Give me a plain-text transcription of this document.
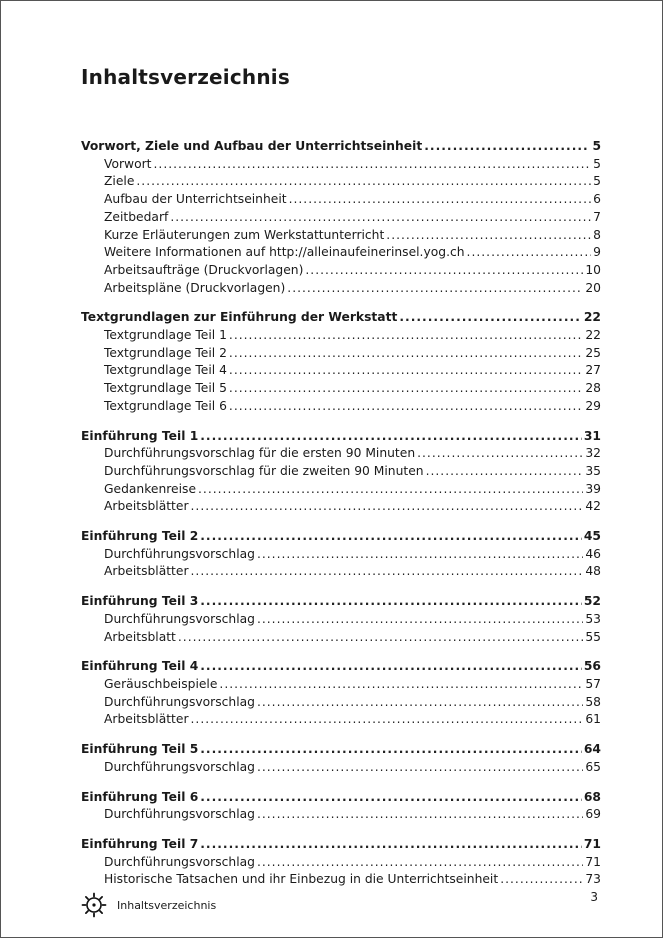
Inhaltsverzeichnis
Vorwort, Ziele und Aufbau der Unterrichtseinheit .....	5
Vorwort .....	5
Ziele .....	5
Aufbau der Unterrichtseinheit .....	6
Zeitbedarf .....	7
Kurze Erläuterungen zum Werkstattunterricht .....	8
Weitere Informationen auf http://alleinaufeinerinsel.yog.ch .....	9
Arbeitsaufträge (Druckvorlagen) .....	10
Arbeitspläne (Druckvorlagen) .....	20
Textgrundlagen zur Einführung der Werkstatt .....	22
Textgrundlage Teil 1 .....	22
Textgrundlage Teil 2 .....	25
Textgrundlage Teil 4 .....	27
Textgrundlage Teil 5 .....	28
Textgrundlage Teil 6 .....	29
Einführung Teil 1 .....	31
Durchführungsvorschlag für die ersten 90 Minuten .....	32
Durchführungsvorschlag für die zweiten 90 Minuten .....	35
Gedankenreise .....	39
Arbeitsblätter .....	42
Einführung Teil 2 .....	45
Durchführungsvorschlag .....	46
Arbeitsblätter .....	48
Einführung Teil 3 .....	52
Durchführungsvorschlag .....	53
Arbeitsblatt .....	55
Einführung Teil 4 .....	56
Geräuschbeispiele .....	57
Durchführungsvorschlag .....	58
Arbeitsblätter .....	61
Einführung Teil 5 .....	64
Durchführungsvorschlag .....	65
Einführung Teil 6 .....	68
Durchführungsvorschlag .....	69
Einführung Teil 7 .....	71
Durchführungsvorschlag .....	71
Historische Tatsachen und ihr Einbezug in die Unterrichtseinheit .....	73
Inhaltsverzeichnis
3
